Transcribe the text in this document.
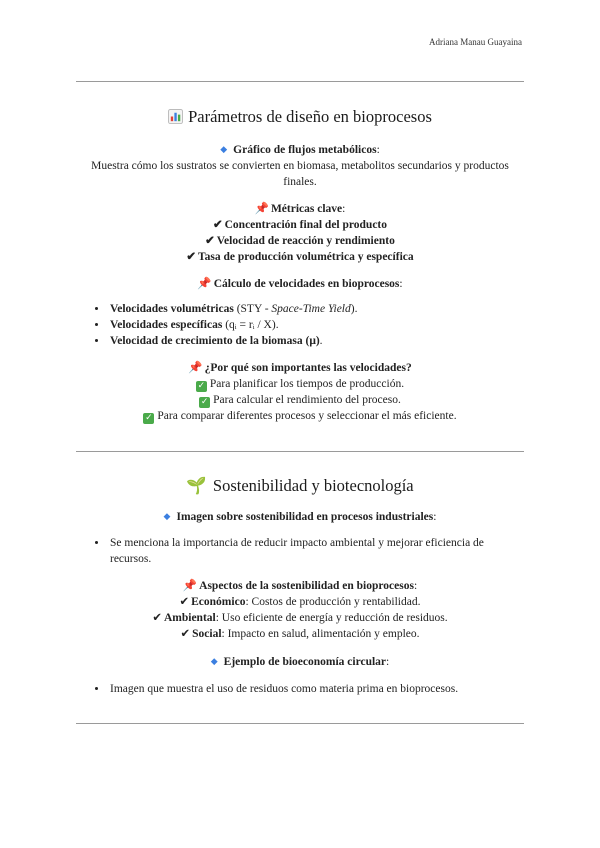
Adriana Manau Guayaina
Parámetros de diseño en bioprocesos
◆ Gráfico de flujos metabólicos:
Muestra cómo los sustratos se convierten en biomasa, metabolitos secundarios y productos finales.
📌 Métricas clave:
✔ Concentración final del producto
✔ Velocidad de reacción y rendimiento
✔ Tasa de producción volumétrica y específica
📌 Cálculo de velocidades en bioprocesos:
• Velocidades volumétricas (STY - Space-Time Yield).
• Velocidades específicas (qᵢ = rᵢ / X).
• Velocidad de crecimiento de la biomasa (μ).
📌 ¿Por qué son importantes las velocidades?
✓ Para planificar los tiempos de producción.
✓ Para calcular el rendimiento del proceso.
✓ Para comparar diferentes procesos y seleccionar el más eficiente.
🌱 Sostenibilidad y biotecnología
◆ Imagen sobre sostenibilidad en procesos industriales:
• Se menciona la importancia de reducir impacto ambiental y mejorar eficiencia de recursos.
📌 Aspectos de la sostenibilidad en bioprocesos:
✔ Económico: Costos de producción y rentabilidad.
✔ Ambiental: Uso eficiente de energía y reducción de residuos.
✔ Social: Impacto en salud, alimentación y empleo.
◆ Ejemplo de bioeconomía circular:
• Imagen que muestra el uso de residuos como materia prima en bioprocesos.
